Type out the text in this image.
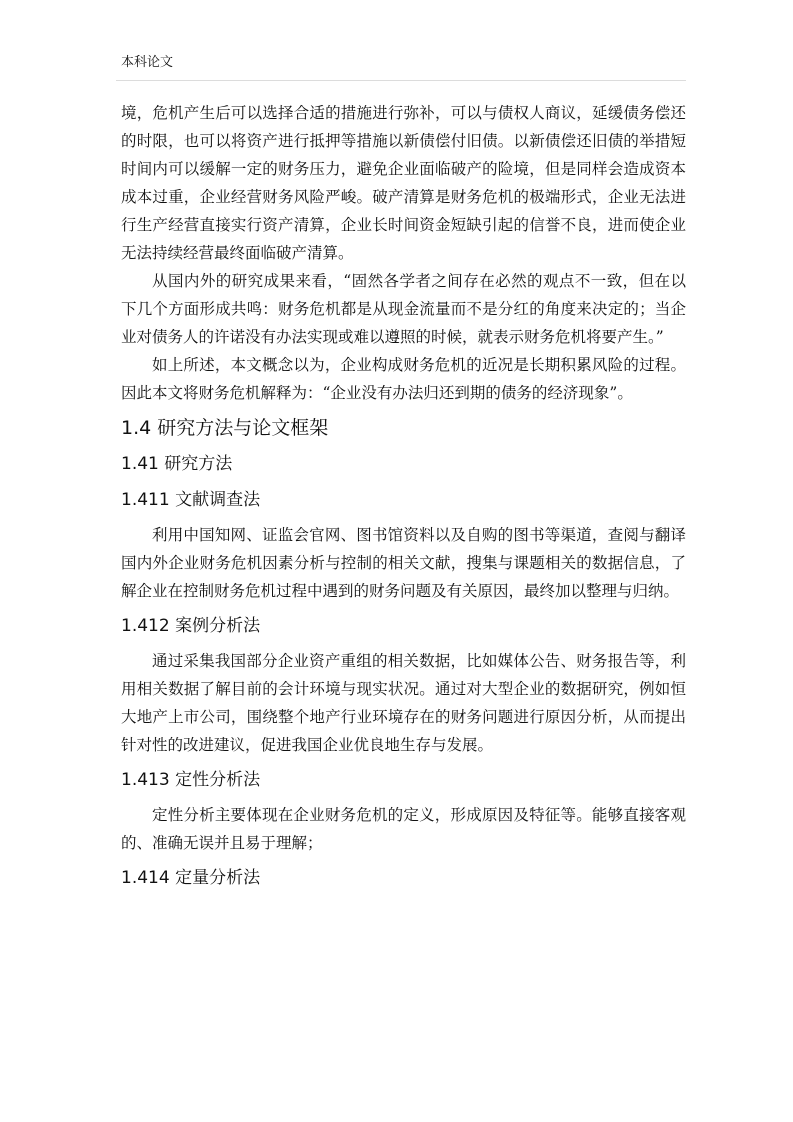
本科论文

境，危机产生后可以选择合适的措施进行弥补，可以与债权人商议，延缓债务偿还的时限，也可以将资产进行抵押等措施以新债偿付旧债。以新债偿还旧债的举措短时间内可以缓解一定的财务压力，避免企业面临破产的险境，但是同样会造成资本成本过重，企业经营财务风险严峻。破产清算是财务危机的极端形式，企业无法进行生产经营直接实行资产清算，企业长时间资金短缺引起的信誉不良，进而使企业无法持续经营最终面临破产清算。

从国内外的研究成果来看，“固然各学者之间存在必然的观点不一致，但在以下几个方面形成共鸣：财务危机都是从现金流量而不是分红的角度来决定的；当企业对债务人的许诺没有办法实现或难以遵照的时候，就表示财务危机将要产生。”

如上所述，本文概念以为，企业构成财务危机的近况是长期积累风险的过程。因此本文将财务危机解释为：“企业没有办法归还到期的债务的经济现象”。

1.4 研究方法与论文框架
1.41 研究方法
1.411 文献调查法

利用中国知网、证监会官网、图书馆资料以及自购的图书等渠道，查阅与翻译国内外企业财务危机因素分析与控制的相关文献，搜集与课题相关的数据信息，了解企业在控制财务危机过程中遇到的财务问题及有关原因，最终加以整理与归纳。

1.412 案例分析法

通过采集我国部分企业资产重组的相关数据，比如媒体公告、财务报告等，利用相关数据了解目前的会计环境与现实状况。通过对大型企业的数据研究，例如恒大地产上市公司，围绕整个地产行业环境存在的财务问题进行原因分析，从而提出针对性的改进建议，促进我国企业优良地生存与发展。

1.413 定性分析法

定性分析主要体现在企业财务危机的定义，形成原因及特征等。能够直接客观的、准确无误并且易于理解；

1.414 定量分析法
